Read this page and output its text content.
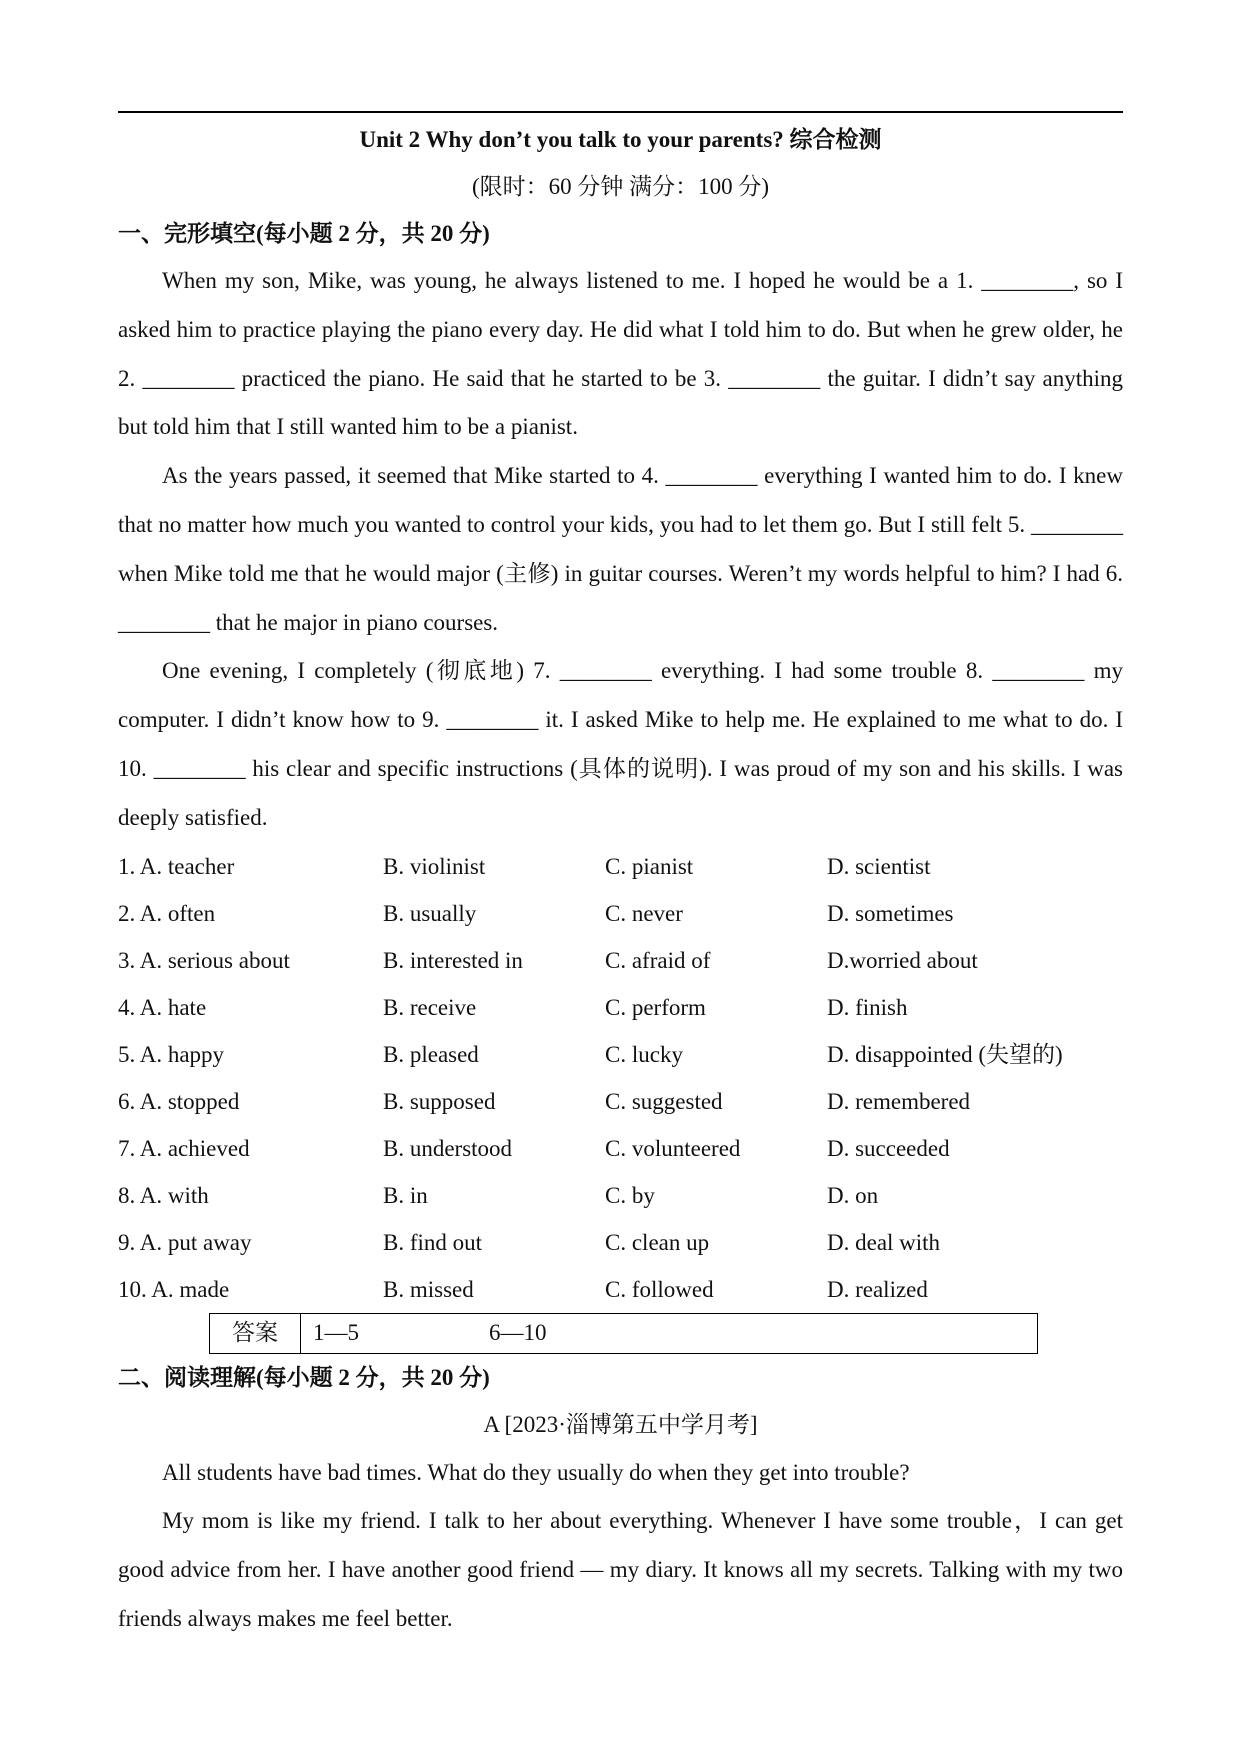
Unit 2 Why don’t you talk to your parents? 综合检测
(限时：60 分钟 满分：100 分)
一、完形填空(每小题 2 分，共 20 分)

When my son, Mike, was young, he always listened to me. I hoped he would be a 1. ________, so I asked him to practice playing the piano every day. He did what I told him to do. But when he grew older, he 2. ________ practiced the piano. He said that he started to be 3. ________ the guitar. I didn’t say anything but told him that I still wanted him to be a pianist.

As the years passed, it seemed that Mike started to 4. ________ everything I wanted him to do. I knew that no matter how much you wanted to control your kids, you had to let them go. But I still felt 5. ________ when Mike told me that he would major (主修) in guitar courses. Weren’t my words helpful to him? I had 6. ________ that he major in piano courses.

One evening, I completely (彻底地) 7. ________ everything. I had some trouble 8. ________ my computer. I didn’t know how to 9. ________ it. I asked Mike to help me. He explained to me what to do. I 10. ________ his clear and specific instructions (具体的说明). I was proud of my son and his skills. I was deeply satisfied.

1. A. teacher	B. violinist	C. pianist	D. scientist
2. A. often	B. usually	C. never	D. sometimes
3. A. serious about	B. interested in	C. afraid of	D.worried about
4. A. hate	B. receive	C. perform	D. finish
5. A. happy	B. pleased	C. lucky	D. disappointed (失望的)
6. A. stopped	B. supposed	C. suggested	D. remembered
7. A. achieved	B. understood	C. volunteered	D. succeeded
8. A. with	B. in	C. by	D. on
9. A. put away	B. find out	C. clean up	D. deal with
10. A. made	B. missed	C. followed	D. realized
答案	1—5	6—10
二、阅读理解(每小题 2 分，共 20 分)
A [2023·淄博第五中学月考]

All students have bad times. What do they usually do when they get into trouble?

My mom is like my friend. I talk to her about everything. Whenever I have some trouble，I can get good advice from her. I have another good friend — my diary. It knows all my secrets. Talking with my two friends always makes me feel better.
